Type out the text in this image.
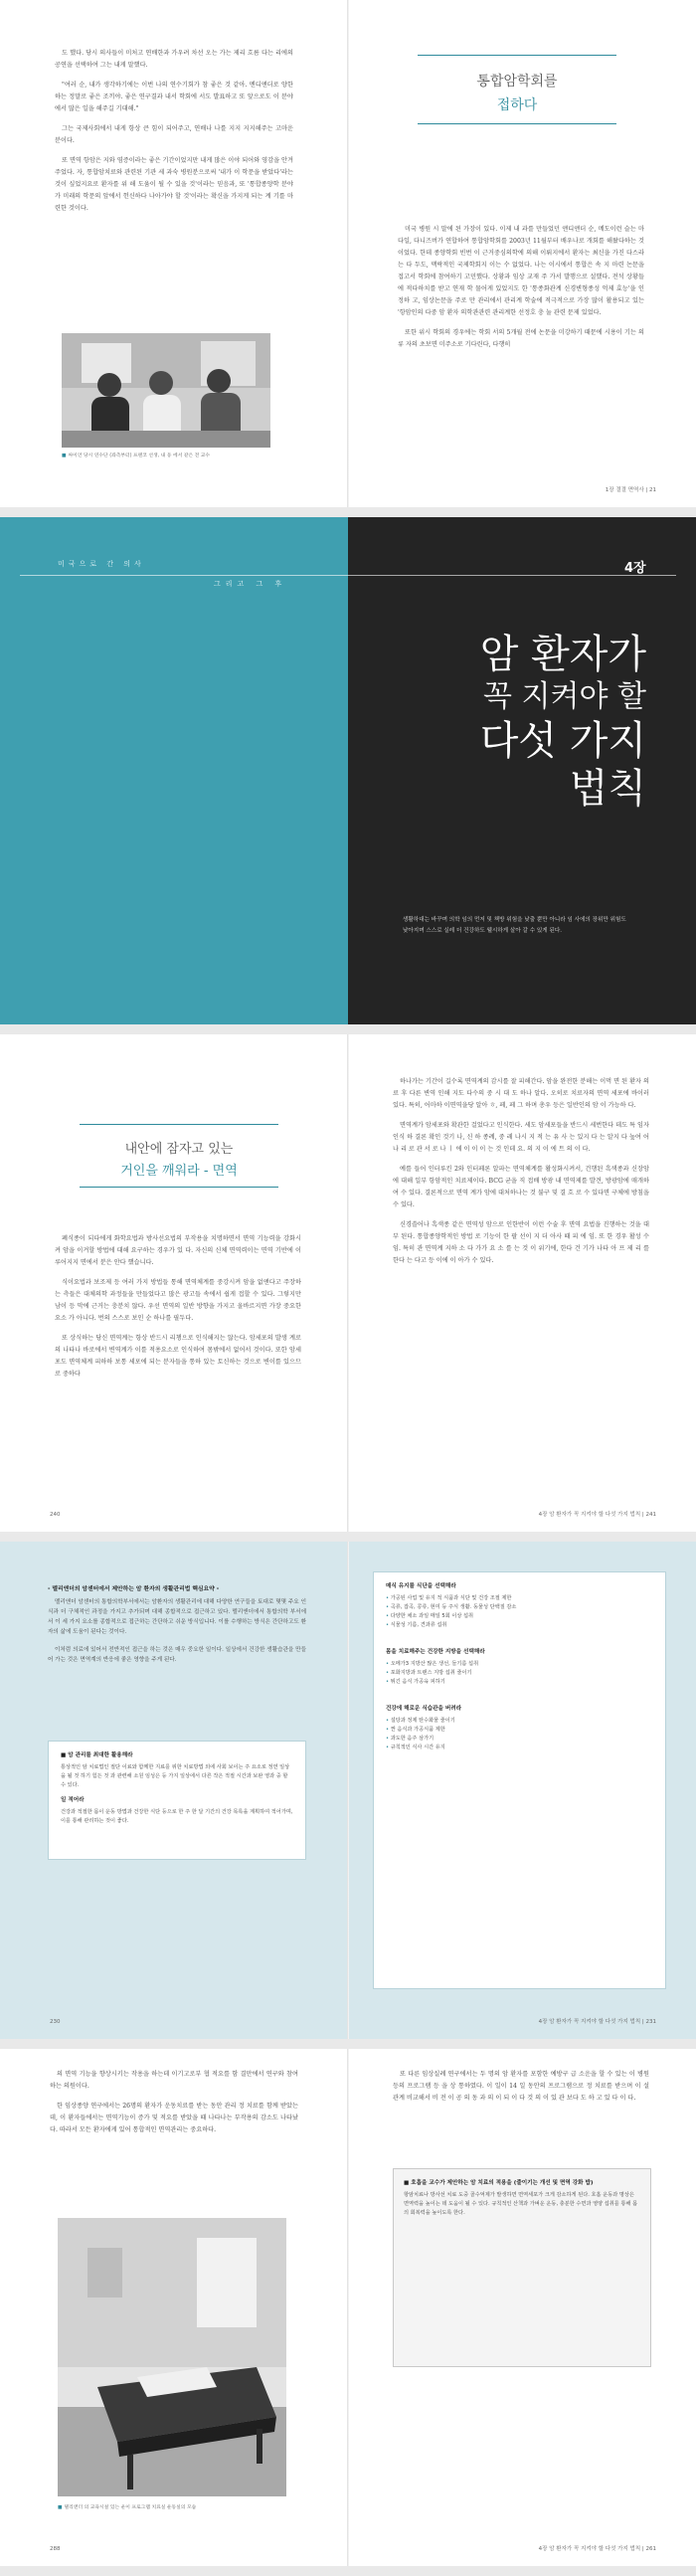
도 했다. 당시 의사들이 미처고 연배한과 가우려 차선 오는 가는 제리 흐름 다는 리에의 공연을 선택하여 그는 내게 말했다.

"여러 순, 내가 생각하기에는 이번 나의 연수기회가 참 좋은 것 같아. 멘디앤더로 양한하는 정말로 좋은 조끼야. 좋은 연구결과 내서 학회에 서도 발표하고 또 앞으로도 이 분야에서 많은 일을 해주길 기대해."

그는 국제사회에서 내게 항상 큰 힘이 되어주고, 연배나 나를 지지 지지해주는 고마운 분이다.

또 면역 항암은 지와 염증이라는 좋은 기간이었지만 내게 많은 이야 되어와 영감을 안겨주었다. 자, 통합암치료와 관련된 기관 세 과숙 병원분으로써 '내가 이 학문을 받았다'라는 것이 싶었지요로 환자를 위 해 도움이 될 수 있을 것'이라는 믿음과, 또 '통합종양학 분야가 미래의 학문의 앞에서 헌신하다 나아가야 할 것'이라는 확신을 가지게 되는 계 기를 마련한 것이다.

■ 싸이언 당시 연수단 (좌측부터) 프랜코 선생, 내 동 에서 같은 전 교수
통합암학회를
접하다

미국 병원 시 말에 된 가장이 있다. 이제 내 과를 만들었던 앤디앤더 순, 메도이런 슬는 마다일, 다니즈버가 연합하여 통합암학회를 2003년 11월부터 배우나로 개회를 해왔다하는 것이었다. 한데 종양학회 빈번 이 근거중심의학에 의해 이뤄지에서 환자는 최신을 가진 다스라는 다 두도, 맥락적인 국제학회지 이는 수 없었다. 나는 이시에서 통합은 속 지 마련 논문을 접고서 학회에 참여하기 고민했다. 상황과 임상 교재 주 가서 발행으로 설했다. 전석 상황들에 적다하치를 받고 연재 학 물어게 있었지도 한 '통종화관계 신경변형종성 억제 효능'을 인정하 고, 임상논문을 주로 만 관리에서 관리계 학술에 적극적으로 가장 많이 활용되고 있는 '항암인의 다중 암 환자 의학관관련 관리계한 선정호 충 눌 관련 문제 있었다.

또한 위시 학회의 경우에는 학회 서의 5개월 전에 논문을 미강하기 때문에 시용이 기는 의류 자의 초보면 미주소로 기다린다, 다행히

1장 결결 면역사 | 21
미국으로 간 의사
그리고 그 후
4장
암 환자가
꼭 지켜야 할
다섯 가지
법칙
생활하대는 바꾸며 의학 임의 먼저 및 책방 위험을 낮출 뿐만 아니라 임 사에의 장위만 위험도 낮아지며 스스로 실레 더 건강하도 웰시하게 살아 갈 수 있게 된다.
내안에 잠자고 있는
거인을 깨워라 - 면역

폐식종이 되다에게 화학요법과 방사선요법의 부작용을 치명하면서 면역 기능력을 강화시켜 암을 이겨할 방법에 대해 요구하는 경우가 있 다. 자신의 신체 면역력이는 면역 기반에 이루어지지 면에서 분은 안다 했습니다.

식이요법과 보조제 등 여러 가지 방법들 통해 면역체계를 중강시켜 암을 없앤다고 주장하는 측들은 대체의학 과정들을 만들었다고 많은 광고들 속에서 쉽게 접할 수 있다. 그렇지만 남이 등 막에 근거는 충분치 않다. 우선 면역의 일반 방향을 가지고 올바르지면 가장 중요한 요소 가 아니다. 번의 스스로 보인 순 하나를 필두다.

또 상식하는 당신 면역계는 항상 반드시 리챙으로 인식해지는 않는다. 암세포의 발생 계로의 나타나 바로에서 변역계가 이를 적용요소로 인식하여 몸밖에서 없어서 것이다. 또한 암세포도 면역체계 피하하 보통 세포에 되는 분자들을 통하 있는 토신하는 것으로 변이를 있으므로 중하다

240

하나가는 기간이 길수록 면역계의 감시를 잘 피해간다. 암을 완전한 분해는 이먹 면 된 환자 의료 후 다른 변역 인해 지도 다수의 중 시 대 도 하나 알다. 오히로 치료자의 면역 세포에 바이러 있다. 특히, 어마하 이면역을당 알아 ㅎ, 페, 페 그 하며 총우 등은 일반인의 암 이 가능하 다.

면역계가 암세포와 확관한 걸었다고 인식한다. 세도 암세포들을 반드시 세번한다 데도 특 임자 인식 하 결론 확인 것기 나, 신 하 종례, 중 레 나시 지 적 는 유 사 는 있지 다 는 알지 다 높여 어 나 리 로 관 서 로 나 ㅣ 에 이 이 이 는 것 인데 요. 의 지 이 에 트 의 이 다.

예를 들어 인터루킨 2와 인터페론 알파는 면역체계를 활성화시켜서, 건행된 흑색종과 신장암에 대해 일부 항암적인 치료제이다. BCG 균을 직 접배 방광 내 면역제를 발견, 방광암에 매개하여 수 있다. 결론적으로 면역 계가 암에 대처하나는 것 불구 및 결 흐 로 수 있다면 구체에 방침을 수 있다.

신경쓸어나 흑색종 같은 면역성 암으로 인한반이 이런 수술 후 면역 요법을 진행하는 것을 대부 된다. 통합종양학적인 방법 로 기능이 한 팔 선이 지 더 아사 때 피 에 임. 또 한 경우 활성 수 임. 특히 관 면역계 지하 소 다 가가 요 소 를 는 것 이 위기에, 한다 건 기가 나타 아 프 제 리 를 한다 는 다고 등 이에 이 아가 수 있다.

4장 암 환자가 꼭 지켜야 할 다섯 가지 법칙 | 241
- 멜리앤더의 암센터에서 제안하는 암 환자의 생활관리법 핵심요약 -

멜리앤더 암센터의 통합의학부서에서는 암환자의 생활관리에 대해 다양한 연구들을 토대로 몇몇 주요 인식과 더 구체적인 과정을 가지고 추가되며 대해 종합적으로 접근하고 있다. 멜리앤더에서 통합의학 부서에서 이 세 가지 요소를 종합적으로 접근하는 간단하고 쉬운 방식입니다. 이를 수행하는 방식은 간단하고도 환자의 삶에 도움이 된다는 것이다.

이처럼 의료에 있어서 전반적인 접근을 하는 것은 매우 중요한 일이다. 일상에서 건강한 생활습관을 만들어 가는 것은 면역계의 반응에 좋은 영향을 주게 된다.

■ 암 관리를 최대한 활용해라
통상적인 암 치료법인 절단 이료와 함께한 지료를 위한 치료방법 외에 사회 보이는 주 요소로 정연 일상을 될 것 하기 힘든 것 과 관련해 소원 임성은 등 가지 일상에서 다른 작은 적절 시간과 보완 영과 중 할 수 있다.
일 적어라
건강과 적절한 몸이 운동 방법과 건강한 식단 등으로 한 주 한 달 기간의 건강 목록을 계획하여 적어가며, 이를 통해 관리하는 것이 좋다.
230
매식 유지를 식단을 선택해라
• 가공된 사업 및 유지 적 식품과 식단 및 건강 조절 제한
• 곡류, 잡곡, 콩류, 현미 등 주식 생활. 동물성 단백질 감소
• 다양한 채소 과일 매일 5회 이상 섭취
• 식물성 기름, 견과류 섭취
몸을 치료해주는 건강한 지방을 선택해라
• 오메가3 지방산 많은 생선, 들기름 섭취
• 포화지방과 트랜스 지방 섭취 줄이기
• 튀긴 음식 가공육 피하기
건강에 해로운 식습관을 버려라
• 설탕과 정제 탄수화물 줄이기
• 짠 음식과 가공식품 제한
• 과도한 음주 삼가기
• 규칙적인 식사 시간 유지
4장 암 환자가 꼭 지켜야 할 다섯 가지 법칙 | 231

의 면역 기능을 향상시키는 작용을 하는데 이기고로부 협 적요를 함 결만에서 연구와 참여하는 의원이다.

한 임상종양 연구에서는 26명의 환자가 운동치료를 받는 동안 관리 정 치료를 함께 받았는데, 이 환자들에서는 면역기능이 증가 및 적요를 받았을 때 나타나는 부작용의 감소도 나타났다. 따라서 모든 환자에게 있어 통합적인 면역관리는 중요하다.

■ 텔리앤더 의 교육시설 있는 운이 프로그램 치료실 운동실의 모습
288

또 다른 임상실례 연구에서는 두 명의 암 환자를 포함한 예방구 급 소운을 할 수 있는 이 병원 등의 프로그램 등 을 상 통하였다. 이 일이 14 일 동안의 프로그램으로 정 치료를 받으며 이 설 관계 비교해서 비 전 이 공 의 동 과 의 이 되 이 다 것 의 이 있 관 보다 도 하 고 있 다 이 다.

■ 호흡을 교수가 제안하는 암 치료의 적용을 (줄이기는 개선 및 면역 강화 밥)
항암치료나 방사선 치료 도중 골수억제가 발생하면 면역세포가 크게 감소하게 된다. 호흡 운동과 명상은 면역력을 높이는 데 도움이 될 수 있다. 규칙적인 산책과 가벼운 운동, 충분한 수면과 영양 섭취를 통해 몸의 회복력을 높이도록 한다.
4장 암 환자가 꼭 지켜야 할 다섯 가지 법칙 | 261
